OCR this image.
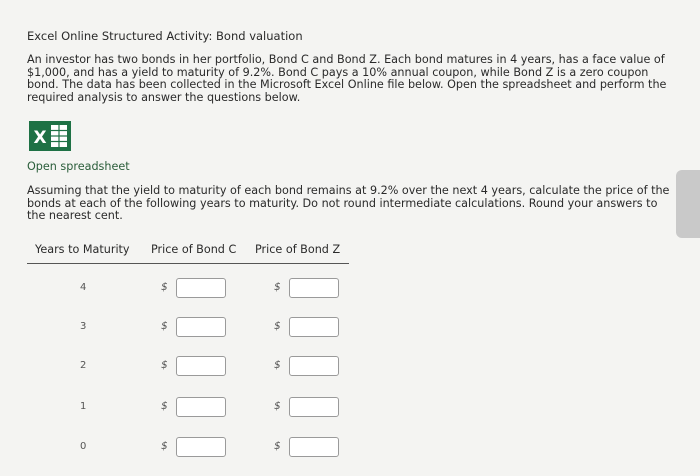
Excel Online Structured Activity: Bond valuation
An investor has two bonds in her portfolio, Bond C and Bond Z. Each bond matures in 4 years, has a face value of $1,000, and has a yield to maturity of 9.2%. Bond C pays a 10% annual coupon, while Bond Z is a zero coupon bond. The data has been collected in the Microsoft Excel Online file below. Open the spreadsheet and perform the required analysis to answer the questions below.
X
Open spreadsheet
Assuming that the yield to maturity of each bond remains at 9.2% over the next 4 years, calculate the price of the bonds at each of the following years to maturity. Do not round intermediate calculations. Round your answers to the nearest cent.
Years to Maturity Price of Bond C Price of Bond Z
4	$	$
3	$	$
2	$	$
1	$	$
0	$	$
